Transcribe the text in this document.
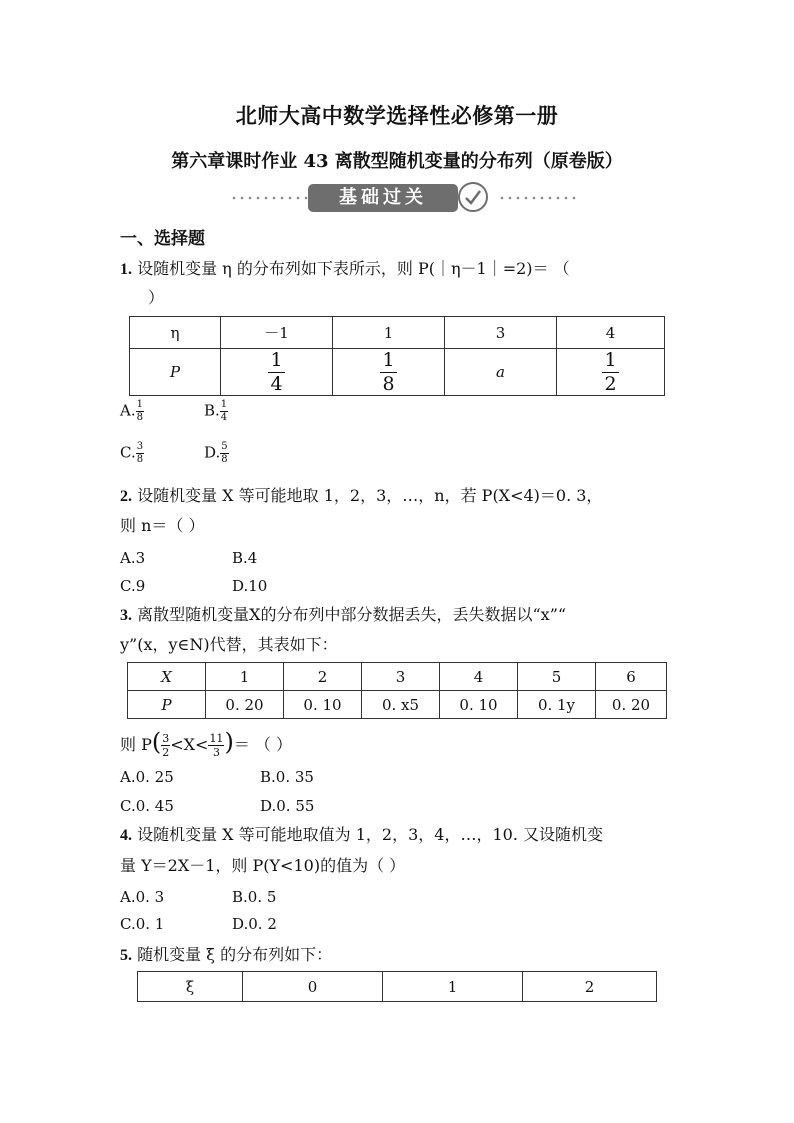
北师大高中数学选择性必修第一册
第六章课时作业 43 离散型随机变量的分布列（原卷版）
基础过关
一、选择题
1. 设随机变量 η 的分布列如下表所示，则 P(｜η－1｜=2)＝ （
）
η	－1	1	3	4
P	$\frac{1}{4}$	$\frac{1}{8}$	a	$\frac{1}{2}$
A. $\frac{1}{8}$	B. $\frac{1}{4}$
C. $\frac{3}{8}$	D. $\frac{5}{8}$
2. 设随机变量 X 等可能地取 1，2，3，…，n，若 P(X<4)＝0. 3，
则 n＝（ ）
A.3	B.4
C.9	D.10
3. 离散型随机变量X的分布列中部分数据丢失，丢失数据以“x”“
y”(x，y∈N)代替，其表如下：
X	1	2	3	4	5	6
P	0. 20	0. 10	0. x5	0. 10	0. 1y	0. 20
则 $P( \frac{3}{2} <X< \frac{11}{3}$ )＝ （ ）
A.0. 25	B.0. 35
C.0. 45	D.0. 55
4. 设随机变量 X 等可能地取值为 1，2，3，4，…，10. 又设随机变
量 Y＝2X－1，则 P(Y<10)的值为（ ）
A.0. 3	B.0. 5
C.0. 1	D.0. 2
5. 随机变量 ξ 的分布列如下：
ξ	0	1	2
